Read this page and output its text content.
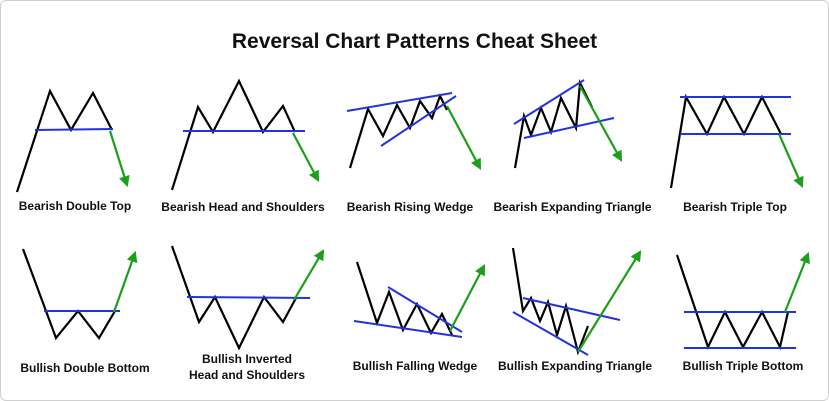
Reversal Chart Patterns Cheat Sheet
Bearish Double Top	Bearish Head and Shoulders	Bearish Rising Wedge	Bearish Expanding Triangle	Bearish Triple Top
Bullish Double Bottom
Bullish Inverted
Head and Shoulders
Bullish Falling Wedge	Bullish Expanding Triangle	Bullish Triple Bottom
